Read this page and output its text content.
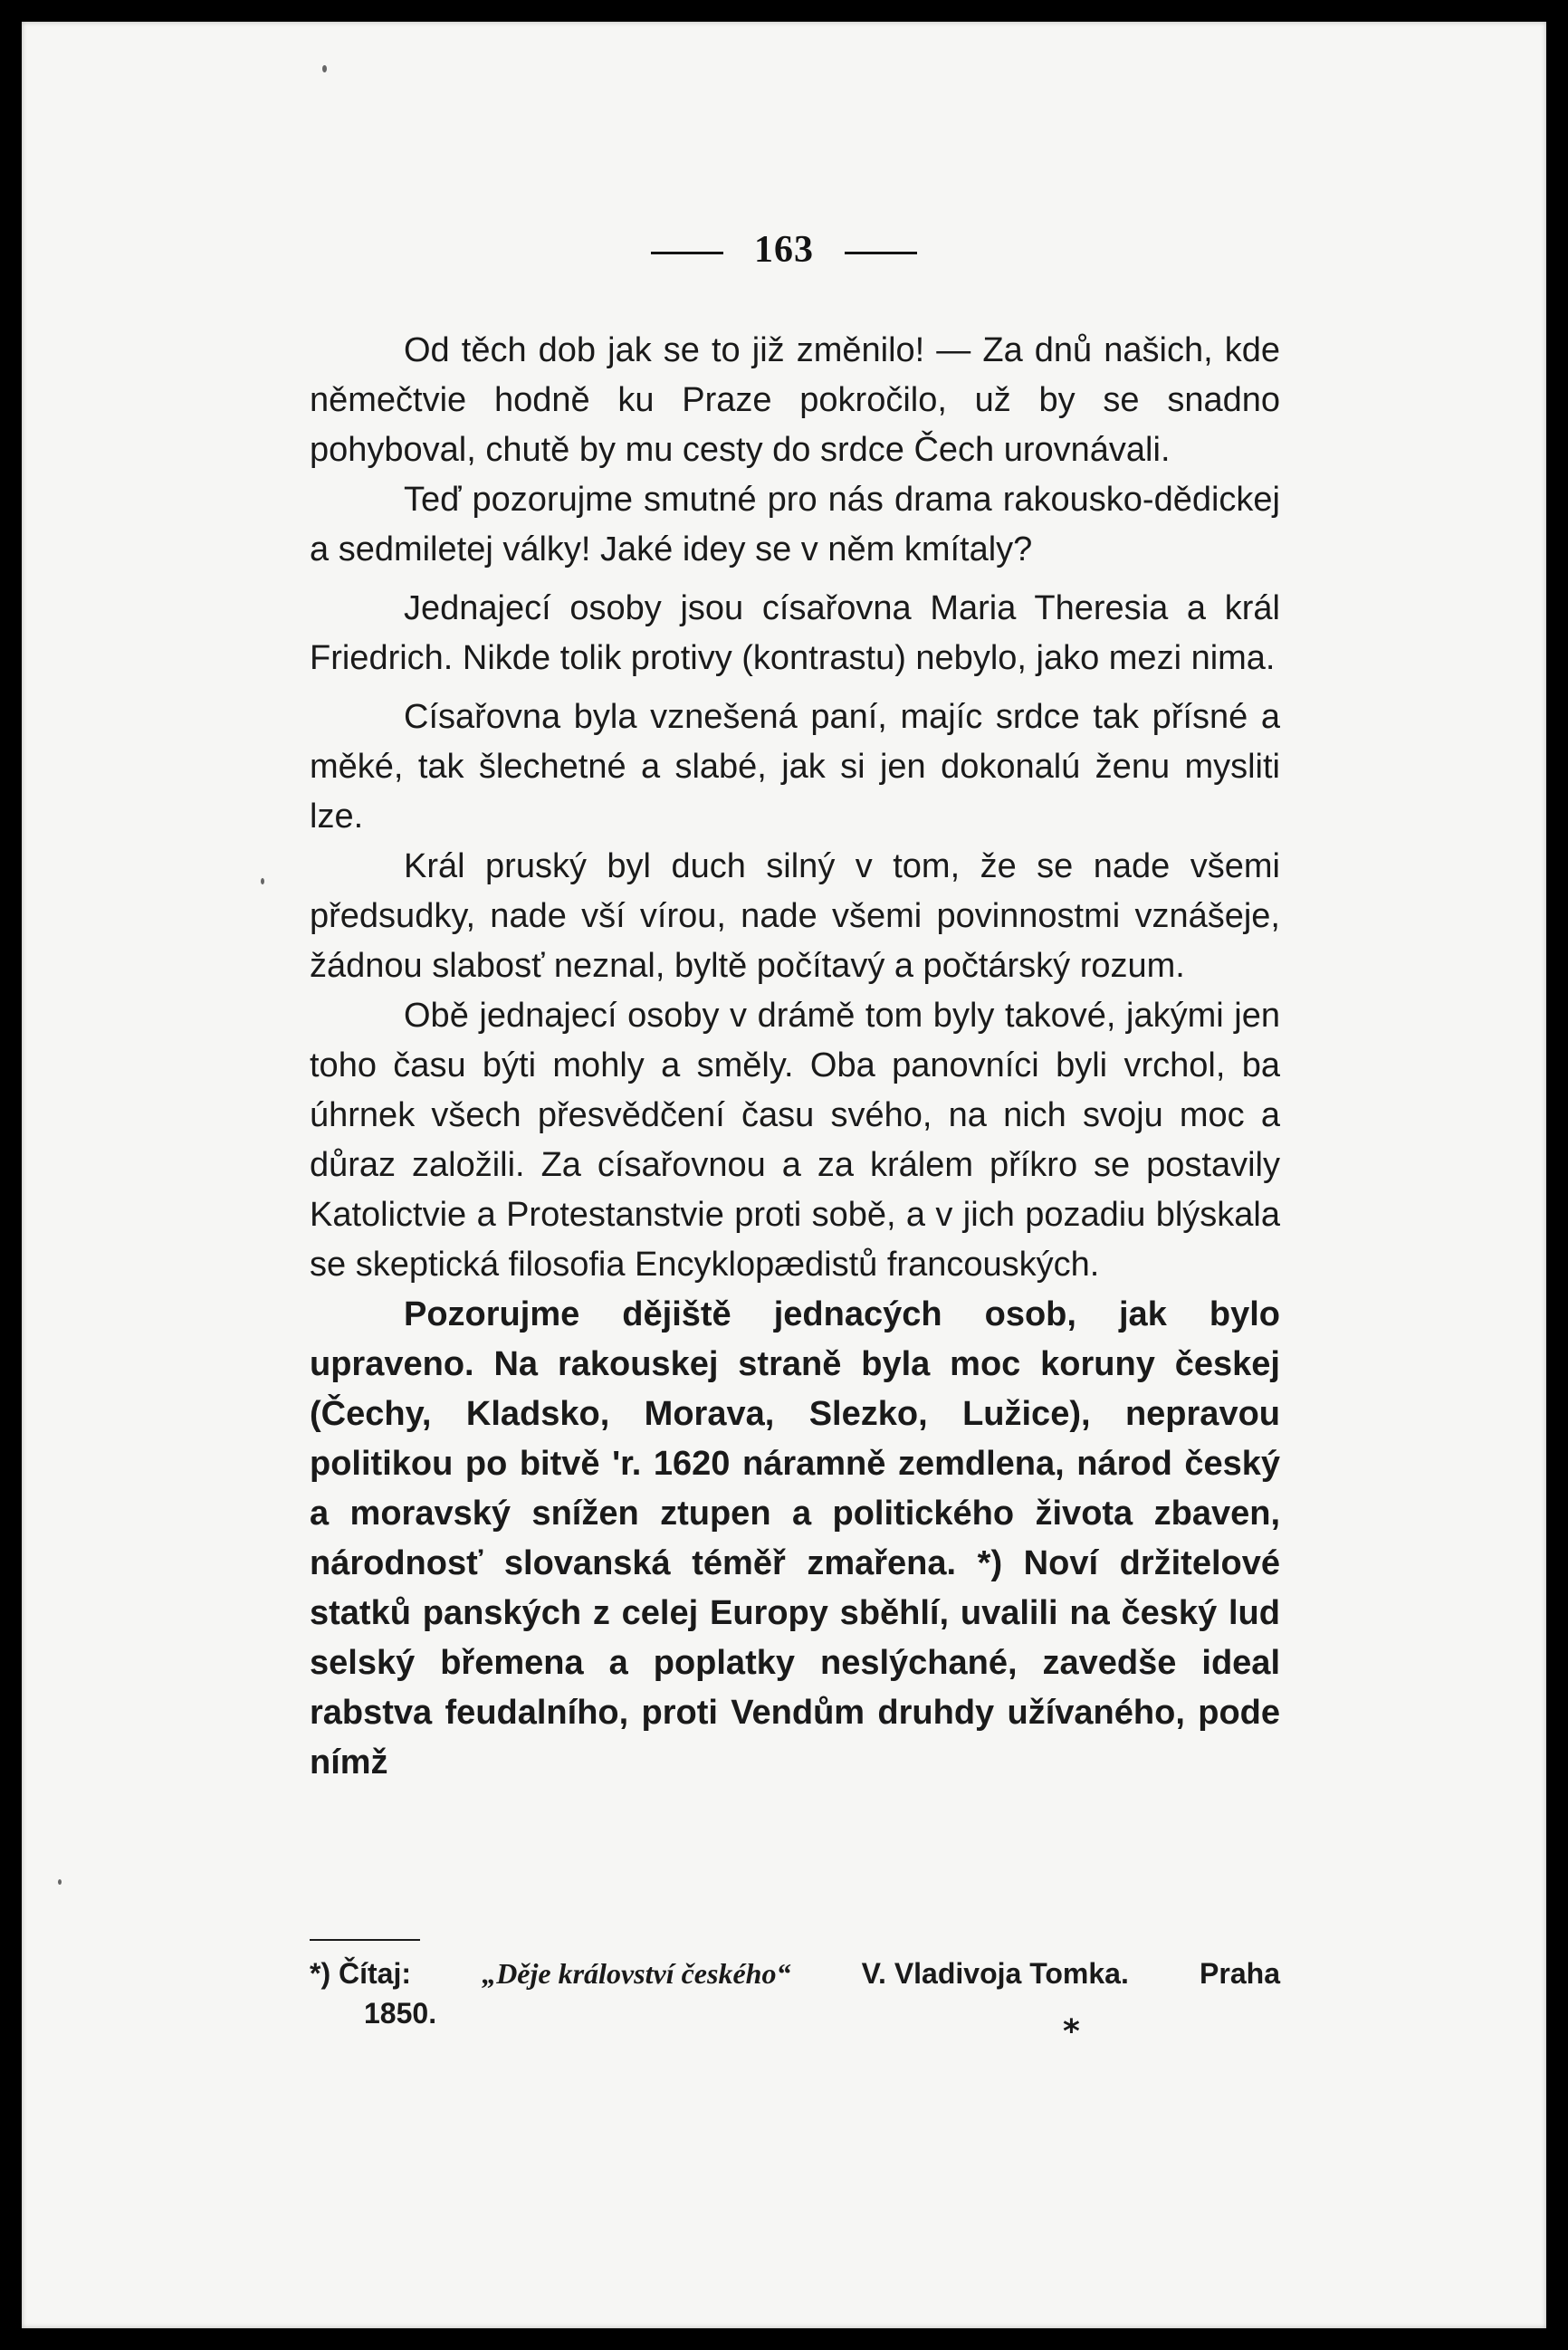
163

Od těch dob jak se to již změnilo! — Za dnů našich, kde němečtvie hodně ku Praze pokročilo, už by se snadno pohyboval, chutě by mu cesty do srdce Čech urovnávali.

Teď pozorujme smutné pro nás drama rakousko-dědickej a sedmiletej války! Jaké idey se v něm kmítaly?

Jednajecí osoby jsou císařovna Maria Theresia a král Friedrich. Nikde tolik protivy (kontrastu) nebylo, jako mezi nima.

Císařovna byla vznešená paní, majíc srdce tak přísné a měké, tak šlechetné a slabé, jak si jen dokonalú ženu mysliti lze.

Král pruský byl duch silný v tom, že se nade všemi předsudky, nade vší vírou, nade všemi povinnostmi vznášeje, žádnou slabosť neznal, byltě počítavý a počtárský rozum.

Obě jednajecí osoby v drámě tom byly takové, jakými jen toho času býti mohly a směly. Oba panovníci byli vrchol, ba úhrnek všech přesvědčení času svého, na nich svoju moc a důraz založili. Za císařovnou a za králem příkro se postavily Katolictvie a Protestanstvie proti sobě, a v jich pozadiu blýskala se skeptická filosofia Encyklopædistů francouských.

Pozorujme dějiště jednacých osob, jak bylo upraveno. Na rakouskej straně byla moc koruny českej (Čechy, Kladsko, Morava, Slezko, Lužice), nepravou politikou po bitvě 'r. 1620 náramně zemdlena, národ český a moravský snížen ztupen a politického života zbaven, národnosť slovanská téměř zmařena. *) Noví držitelové statků panských z celej Europy sběhlí, uvalili na český lud selský břemena a poplatky neslýchané, zavedše ideal rabstva feudalního, proti Vendům druhdy užívaného, pode nímž

*) Čítaj: „Děje království českého“ V. Vladivoja Tomka. Praha
1850.	*
